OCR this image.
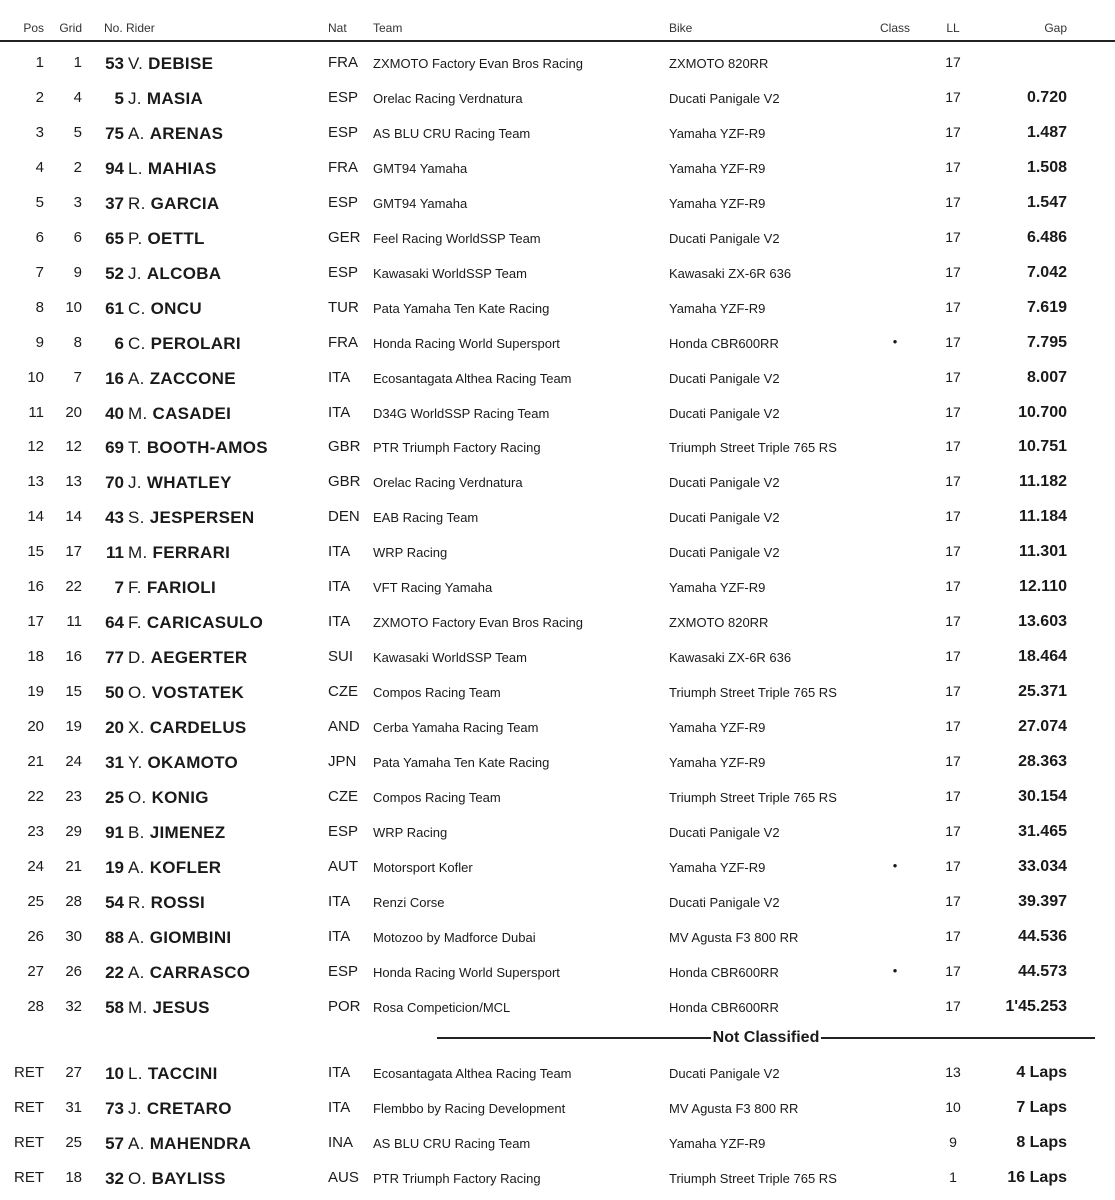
Pos	Grid No. Rider	Nat Team	Bike	Class	LL	Gap
1	1	53 V. DEBISE	FRA ZXMOTO Factory Evan Bros Racing	ZXMOTO 820RR	17
2	4	5 J. MASIA	ESP Orelac Racing Verdnatura	Ducati Panigale V2	17	0.720
3	5	75 A. ARENAS	ESP AS BLU CRU Racing Team	Yamaha YZF-R9	17	1.487
4	2	94 L. MAHIAS	FRA GMT94 Yamaha	Yamaha YZF-R9	17	1.508
5	3	37 R. GARCIA	ESP GMT94 Yamaha	Yamaha YZF-R9	17	1.547
6	6	65 P. OETTL	GER Feel Racing WorldSSP Team	Ducati Panigale V2	17	6.486
7	9	52 J. ALCOBA	ESP Kawasaki WorldSSP Team	Kawasaki ZX-6R 636	17	7.042
8	10	61 C. ONCU	TUR Pata Yamaha Ten Kate Racing	Yamaha YZF-R9	17	7.619
9	8	6 C. PEROLARI	FRA Honda Racing World Supersport	Honda CBR600RR	•	17	7.795
10	7	16 A. ZACCONE	ITA Ecosantagata Althea Racing Team	Ducati Panigale V2	17	8.007
11	20	40 M. CASADEI	ITA D34G WorldSSP Racing Team	Ducati Panigale V2	17	10.700
12	12	69 T. BOOTH-AMOS	GBR PTR Triumph Factory Racing	Triumph Street Triple 765 RS	17	10.751
13	13	70 J. WHATLEY	GBR Orelac Racing Verdnatura	Ducati Panigale V2	17	11.182
14	14	43 S. JESPERSEN	DEN EAB Racing Team	Ducati Panigale V2	17	11.184
15	17	11 M. FERRARI	ITA WRP Racing	Ducati Panigale V2	17	11.301
16	22	7 F. FARIOLI	ITA VFT Racing Yamaha	Yamaha YZF-R9	17	12.110
17	11	64 F. CARICASULO	ITA ZXMOTO Factory Evan Bros Racing	ZXMOTO 820RR	17	13.603
18	16	77 D. AEGERTER	SUI Kawasaki WorldSSP Team	Kawasaki ZX-6R 636	17	18.464
19	15	50 O. VOSTATEK	CZE Compos Racing Team	Triumph Street Triple 765 RS	17	25.371
20	19	20 X. CARDELUS	AND Cerba Yamaha Racing Team	Yamaha YZF-R9	17	27.074
21	24	31 Y. OKAMOTO	JPN Pata Yamaha Ten Kate Racing	Yamaha YZF-R9	17	28.363
22	23	25 O. KONIG	CZE Compos Racing Team	Triumph Street Triple 765 RS	17	30.154
23	29	91 B. JIMENEZ	ESP WRP Racing	Ducati Panigale V2	17	31.465
24	21	19 A. KOFLER	AUT Motorsport Kofler	Yamaha YZF-R9	•	17	33.034
25	28	54 R. ROSSI	ITA Renzi Corse	Ducati Panigale V2	17	39.397
26	30	88 A. GIOMBINI	ITA Motozoo by Madforce Dubai	MV Agusta F3 800 RR	17	44.536
27	26	22 A. CARRASCO	ESP Honda Racing World Supersport	Honda CBR600RR	•	17	44.573
28	32	58 M. JESUS	POR Rosa Competicion/MCL	Honda CBR600RR	17	1'45.253
Not Classified
RET	27	10 L. TACCINI	ITA Ecosantagata Althea Racing Team	Ducati Panigale V2	13	4 Laps
RET	31	73 J. CRETARO	ITA Flembbo by Racing Development	MV Agusta F3 800 RR	10	7 Laps
RET	25	57 A. MAHENDRA	INA AS BLU CRU Racing Team	Yamaha YZF-R9	9	8 Laps
RET	18	32 O. BAYLISS	AUS PTR Triumph Factory Racing	Triumph Street Triple 765 RS	1	16 Laps
